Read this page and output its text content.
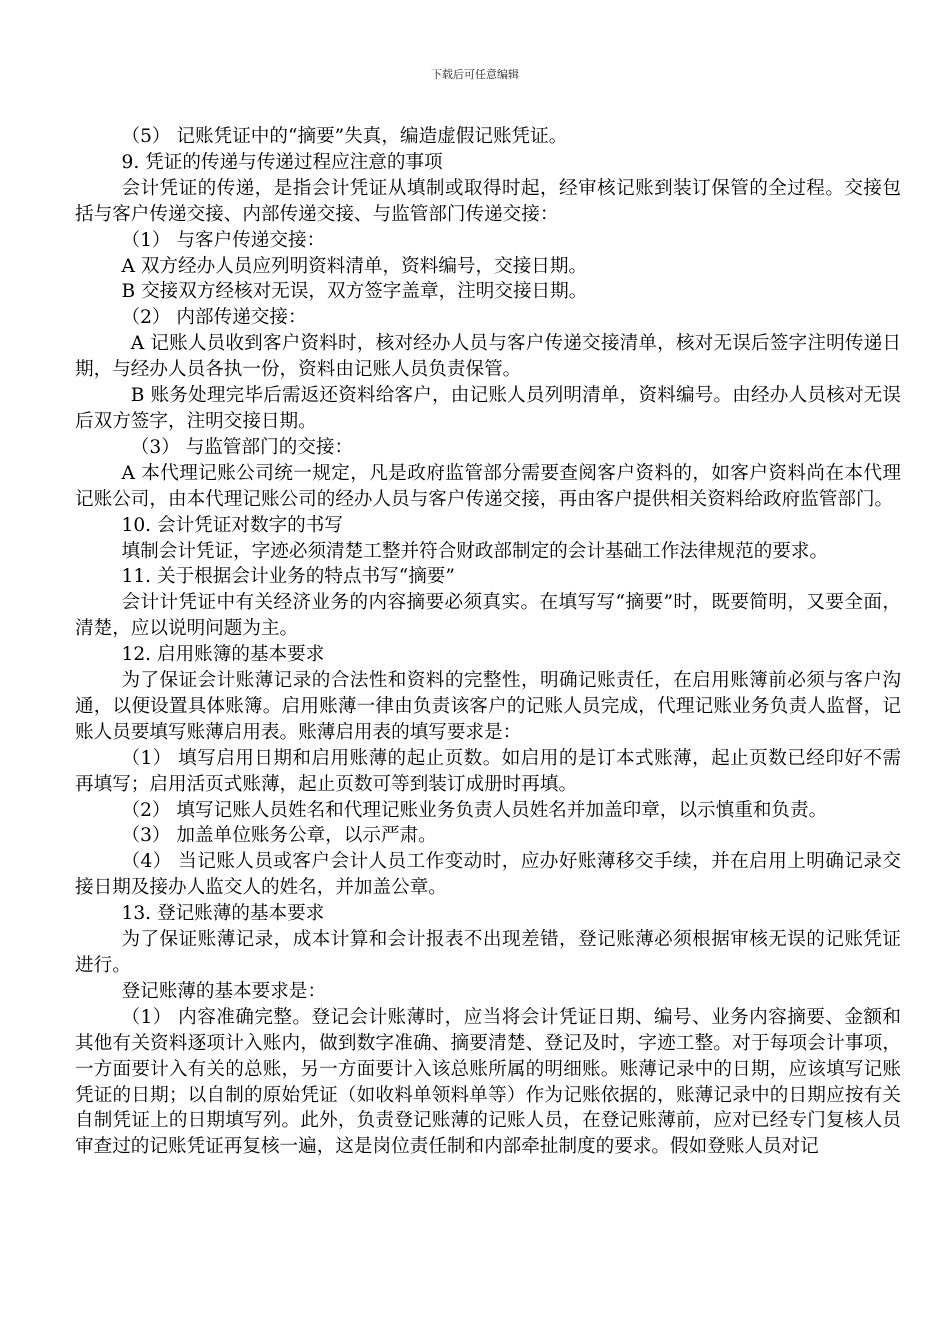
下载后可任意编辑

（5） 记账凭证中的“摘要”失真，编造虚假记账凭证。

9. 凭证的传递与传递过程应注意的事项

会计凭证的传递，是指会计凭证从填制或取得时起，经审核记账到装订保管的全过程。交接包括与客户传递交接、内部传递交接、与监管部门传递交接：

（1） 与客户传递交接：

A 双方经办人员应列明资料清单，资料编号，交接日期。

B 交接双方经核对无误，双方签字盖章，注明交接日期。

（2） 内部传递交接：

A 记账人员收到客户资料时，核对经办人员与客户传递交接清单，核对无误后签字注明传递日期，与经办人员各执一份，资料由记账人员负责保管。

B 账务处理完毕后需返还资料给客户，由记账人员列明清单，资料编号。由经办人员核对无误后双方签字，注明交接日期。

（3） 与监管部门的交接：

A 本代理记账公司统一规定，凡是政府监管部分需要查阅客户资料的，如客户资料尚在本代理记账公司，由本代理记账公司的经办人员与客户传递交接，再由客户提供相关资料给政府监管部门。

10. 会计凭证对数字的书写

填制会计凭证，字迹必须清楚工整并符合财政部制定的会计基础工作法律规范的要求。

11. 关于根据会计业务的特点书写“摘要”

会计计凭证中有关经济业务的内容摘要必须真实。在填写写“摘要”时，既要简明，又要全面，清楚，应以说明问题为主。

12. 启用账簿的基本要求

为了保证会计账薄记录的合法性和资料的完整性，明确记账责任，在启用账簿前必须与客户沟通，以便设置具体账簿。启用账薄一律由负责该客户的记账人员完成，代理记账业务负责人监督，记账人员要填写账薄启用表。账薄启用表的填写要求是：

（1） 填写启用日期和启用账薄的起止页数。如启用的是订本式账薄，起止页数已经印好不需再填写；启用活页式账薄，起止页数可等到装订成册时再填。

（2） 填写记账人员姓名和代理记账业务负责人员姓名并加盖印章，以示慎重和负责。

（3） 加盖单位账务公章，以示严肃。

（4） 当记账人员或客户会计人员工作变动时，应办好账薄移交手续，并在启用上明确记录交接日期及接办人监交人的姓名，并加盖公章。

13. 登记账薄的基本要求

为了保证账薄记录，成本计算和会计报表不出现差错，登记账薄必须根据审核无误的记账凭证进行。

登记账薄的基本要求是：

（1） 内容准确完整。登记会计账薄时，应当将会计凭证日期、编号、业务内容摘要、金额和其他有关资料逐项计入账内，做到数字准确、摘要清楚、登记及时，字迹工整。对于每项会计事项，一方面要计入有关的总账，另一方面要计入该总账所属的明细账。账薄记录中的日期，应该填写记账凭证的日期；以自制的原始凭证（如收料单领料单等）作为记账依据的，账薄记录中的日期应按有关自制凭证上的日期填写列。此外，负责登记账薄的记账人员，在登记账薄前，应对已经专门复核人员审查过的记账凭证再复核一遍，这是岗位责任制和内部牵扯制度的要求。假如登账人员对记
